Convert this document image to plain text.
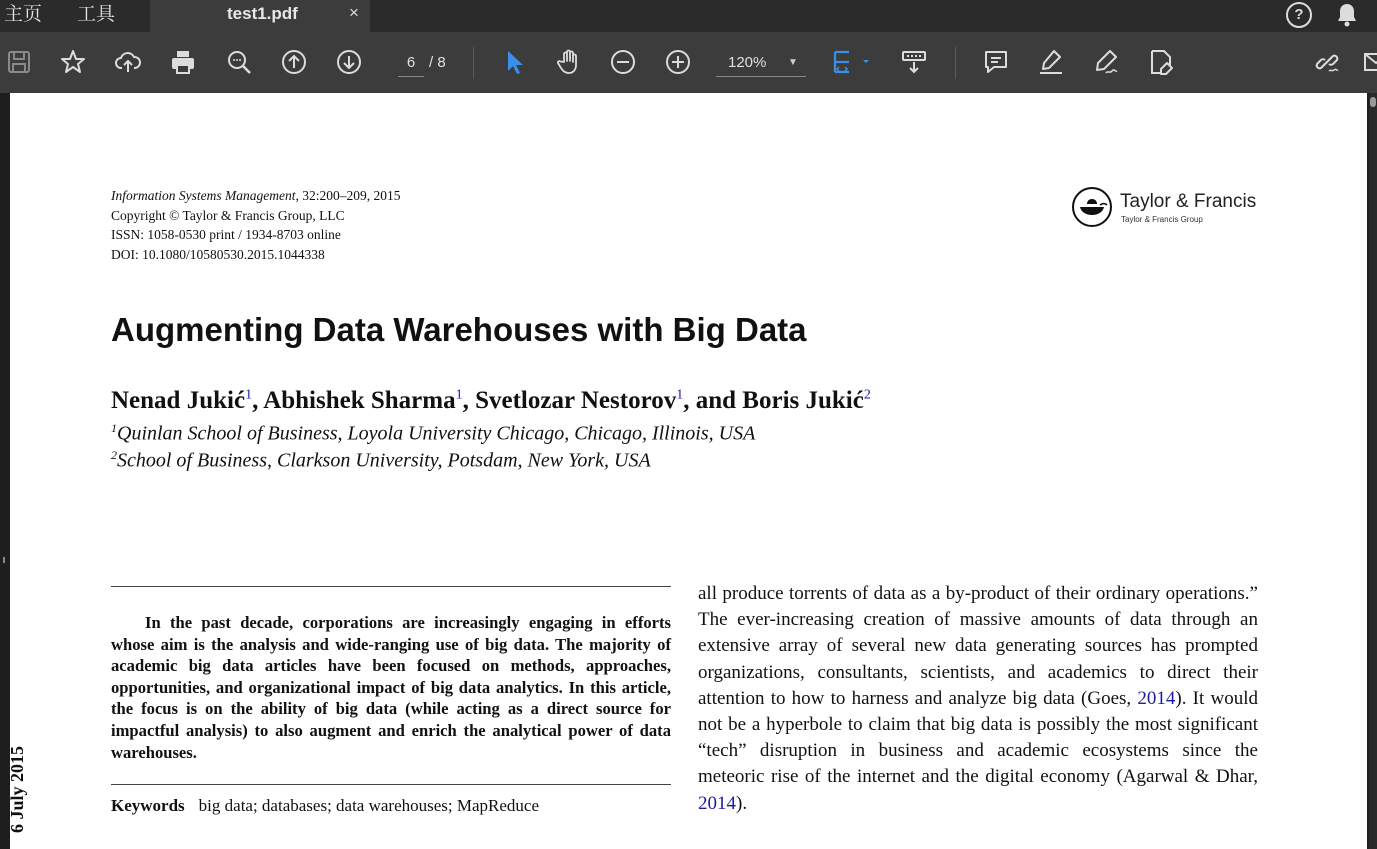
主页 工具	test1.pdf	×	?
6 / 8	120% ▼
Information Systems Management, 32:200–209, 2015
Copyright © Taylor & Francis Group, LLC
ISSN: 1058-0530 print / 1934-8703 online
DOI: 10.1080/10580530.2015.1044338
Taylor & Francis
Taylor & Francis Group
Augmenting Data Warehouses with Big Data
Nenad Jukić$^1$, Abhishek Sharma$^1$, Svetlozar Nestorov$^1$, and Boris Jukić$^2$
$^1$Quinlan School of Business, Loyola University Chicago, Chicago, Illinois, USA
$^2$School of Business, Clarkson University, Potsdam, New York, USA
In the past decade, corporations are increasingly engaging in efforts whose aim is the analysis and wide-ranging use of big data. The majority of academic big data articles have been focused on methods, approaches, opportunities, and organizational impact of big data analytics. In this article, the focus is on the ability of big data (while acting as a direct source for impactful analysis) to also augment and enrich the analytical power of data warehouses.
Keywords big data; databases; data warehouses; MapReduce
all produce torrents of data as a by-product of their ordinary operations.” The ever-increasing creation of massive amounts of data through an extensive array of several new data generating sources has prompted organizations, consultants, scientists, and academics to direct their attention to how to harness and analyze big data (Goes, 2014). It would not be a hyperbole to claim that big data is possibly the most significant “tech” disruption in business and academic ecosystems since the meteoric rise of the internet and the digital economy (Agarwal & Dhar, 2014).
6 July 2015
